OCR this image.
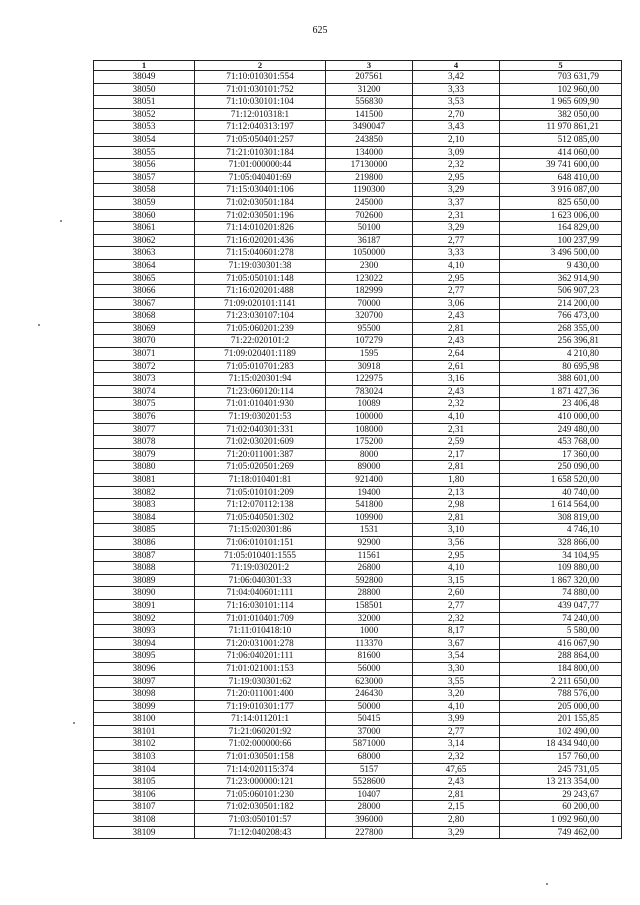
625
1	2	3	4	5
38049	71:10:010301:554	207561	3,42	703 631,79
38050	71:01:030101:752	31200	3,33	102 960,00
38051	71:10:030101:104	556830	3,53	1 965 609,90
38052	71:12:010318:1	141500	2,70	382 050,00
38053	71:12:040313:197	3490047	3,43	11 970 861,21
38054	71:05:050401:257	243850	2,10	512 085,00
38055	71:21:010301:184	134000	3,09	414 060,00
38056	71:01:000000:44	17130000	2,32	39 741 600,00
38057	71:05:040401:69	219800	2,95	648 410,00
38058	71:15:030401:106	1190300	3,29	3 916 087,00
38059	71:02:030501:184	245000	3,37	825 650,00
38060	71:02:030501:196	702600	2,31	1 623 006,00
38061	71:14:010201:826	50100	3,29	164 829,00
38062	71:16:020201:436	36187	2,77	100 237,99
38063	71:15:040601:278	1050000	3,33	3 496 500,00
38064	71:19:030301:38	2300	4,10	9 430,00
38065	71:05:050101:148	123022	2,95	362 914,90
38066	71:16:020201:488	182999	2,77	506 907,23
38067	71:09:020101:1141	70000	3,06	214 200,00
38068	71:23:030107:104	320700	2,43	766 473,00
38069	71:05:060201:239	95500	2,81	268 355,00
38070	71:22:020101:2	107279	2,43	256 396,81
38071	71:09:020401:1189	1595	2,64	4 210,80
38072	71:05:010701:283	30918	2,61	80 695,98
38073	71:15:020301:94	122975	3,16	388 601,00
38074	71:23:060120:114	783024	2,43	1 871 427,36
38075	71:01:010401:930	10089	2,32	23 406,48
38076	71:19:030201:53	100000	4,10	410 000,00
38077	71:02:040301:331	108000	2,31	249 480,00
38078	71:02:030201:609	175200	2,59	453 768,00
38079	71:20:011001:387	8000	2,17	17 360,00
38080	71:05:020501:269	89000	2,81	250 090,00
38081	71:18:010401:81	921400	1,80	1 658 520,00
38082	71:05:010101:209	19400	2,13	40 740,00
38083	71:12:070112:138	541800	2,98	1 614 564,00
38084	71:05:040501:302	109900	2,81	308 819,00
38085	71:15:020301:86	1531	3,10	4 746,10
38086	71:06:010101:151	92900	3,56	328 866,00
38087	71:05:010401:1555	11561	2,95	34 104,95
38088	71:19:030201:2	26800	4,10	109 880,00
38089	71:06:040301:33	592800	3,15	1 867 320,00
38090	71:04:040601:111	28800	2,60	74 880,00
38091	71:16:030101:114	158501	2,77	439 047,77
38092	71:01:010401:709	32000	2,32	74 240,00
38093	71:11:010418:10	1000	8,17	5 580,00
38094	71:20:031001:278	113370	3,67	416 067,90
38095	71:06:040201:111	81600	3,54	288 864,00
38096	71:01:021001:153	56000	3,30	184 800,00
38097	71:19:030301:62	623000	3,55	2 211 650,00
38098	71:20:011001:400	246430	3,20	788 576,00
38099	71:19:010301:177	50000	4,10	205 000,00
38100	71:14:011201:1	50415	3,99	201 155,85
38101	71:21:060201:92	37000	2,77	102 490,00
38102	71:02:000000:66	5871000	3,14	18 434 940,00
38103	71:01:030501:158	68000	2,32	157 760,00
38104	71:14:020115:374	5157	47,65	245 731,05
38105	71:23:000000:121	5528600	2,43	13 213 354,00
38106	71:05:060101:230	10407	2,81	29 243,67
38107	71:02:030501:182	28000	2,15	60 200,00
38108	71:03:050101:57	396000	2,80	1 092 960,00
38109	71:12:040208:43	227800	3,29	749 462,00
